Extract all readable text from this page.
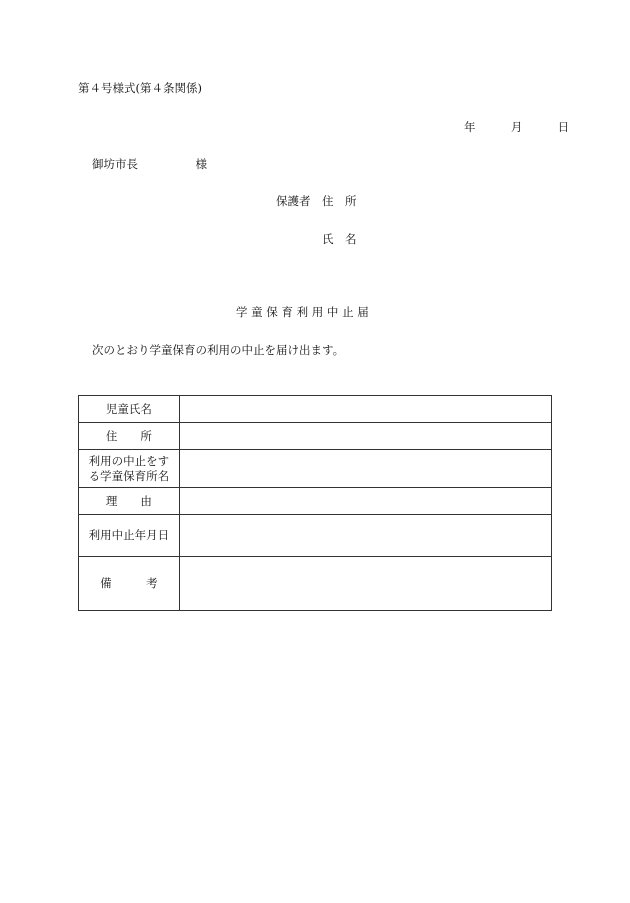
第４号様式(第４条関係)
年	月	日
御坊市長　　　　　様
保護者　住　所
氏　名
学 童 保 育 利 用 中 止 届
次のとおり学童保育の利用の中止を届け出ます。
児童氏名	
住　　所	
利用の中止をす
る学童保育所名	
理　　由	
利用中止年月日	
備　　　考	
